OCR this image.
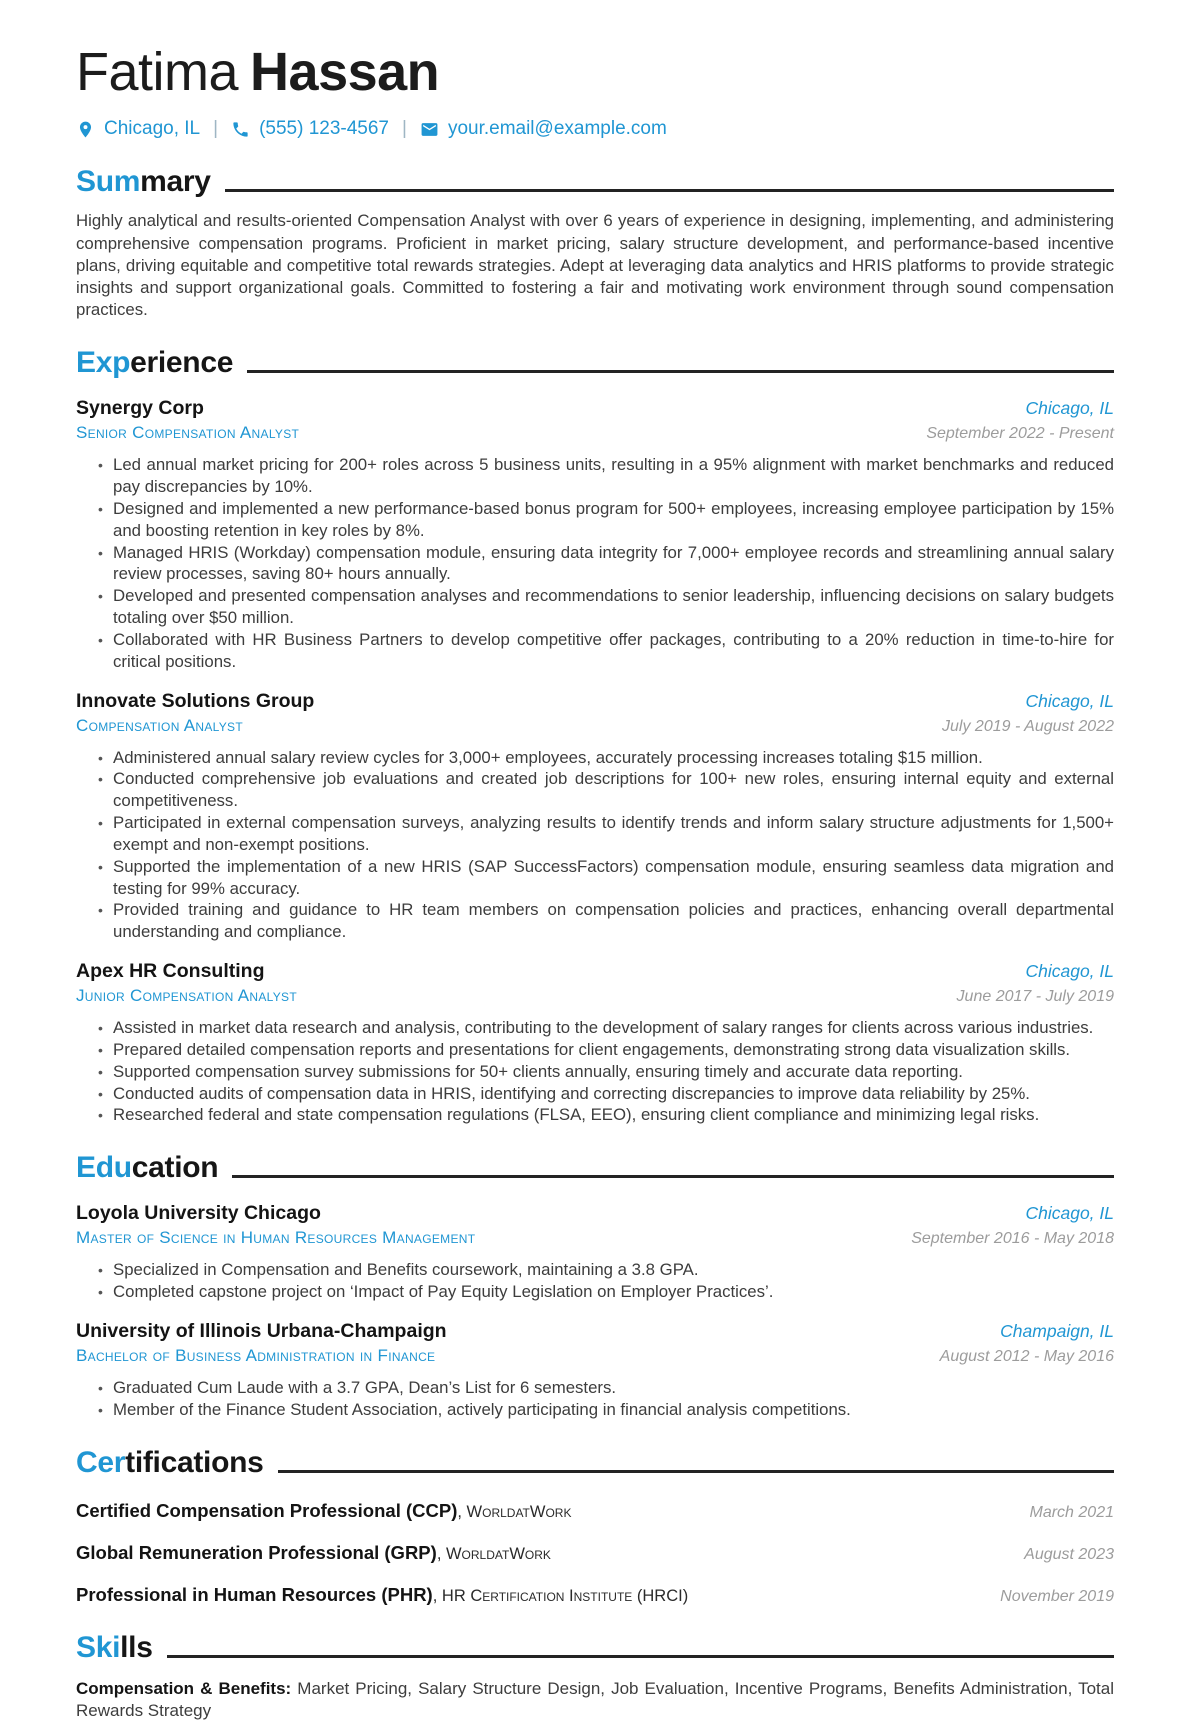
Fatima Hassan
Chicago, IL | (555) 123-4567 | your.email@example.com
Summary

Highly analytical and results-oriented Compensation Analyst with over 6 years of experience in designing, implementing, and administering comprehensive compensation programs. Proficient in market pricing, salary structure development, and performance-based incentive plans, driving equitable and competitive total rewards strategies. Adept at leveraging data analytics and HRIS platforms to provide strategic insights and support organizational goals. Committed to fostering a fair and motivating work environment through sound compensation practices.

Experience
Synergy Corp	Chicago, IL
Senior Compensation Analyst	September 2022 - Present
• Led annual market pricing for 200+ roles across 5 business units, resulting in a 95% alignment with market benchmarks and reduced pay discrepancies by 10%.
• Designed and implemented a new performance-based bonus program for 500+ employees, increasing employee participation by 15% and boosting retention in key roles by 8%.
• Managed HRIS (Workday) compensation module, ensuring data integrity for 7,000+ employee records and streamlining annual salary review processes, saving 80+ hours annually.
• Developed and presented compensation analyses and recommendations to senior leadership, influencing decisions on salary budgets totaling over $50 million.
• Collaborated with HR Business Partners to develop competitive offer packages, contributing to a 20% reduction in time-to-hire for critical positions.
Innovate Solutions Group	Chicago, IL
Compensation Analyst	July 2019 - August 2022
• Administered annual salary review cycles for 3,000+ employees, accurately processing increases totaling $15 million.
• Conducted comprehensive job evaluations and created job descriptions for 100+ new roles, ensuring internal equity and external competitiveness.
• Participated in external compensation surveys, analyzing results to identify trends and inform salary structure adjustments for 1,500+ exempt and non-exempt positions.
• Supported the implementation of a new HRIS (SAP SuccessFactors) compensation module, ensuring seamless data migration and testing for 99% accuracy.
• Provided training and guidance to HR team members on compensation policies and practices, enhancing overall departmental understanding and compliance.
Apex HR Consulting	Chicago, IL
Junior Compensation Analyst	June 2017 - July 2019
• Assisted in market data research and analysis, contributing to the development of salary ranges for clients across various industries.
• Prepared detailed compensation reports and presentations for client engagements, demonstrating strong data visualization skills.
• Supported compensation survey submissions for 50+ clients annually, ensuring timely and accurate data reporting.
• Conducted audits of compensation data in HRIS, identifying and correcting discrepancies to improve data reliability by 25%.
• Researched federal and state compensation regulations (FLSA, EEO), ensuring client compliance and minimizing legal risks.
Education
Loyola University Chicago	Chicago, IL
Master of Science in Human Resources Management	September 2016 - May 2018
• Specialized in Compensation and Benefits coursework, maintaining a 3.8 GPA.
• Completed capstone project on ‘Impact of Pay Equity Legislation on Employer Practices’.
University of Illinois Urbana-Champaign	Champaign, IL
Bachelor of Business Administration in Finance	August 2012 - May 2016
• Graduated Cum Laude with a 3.7 GPA, Dean’s List for 6 semesters.
• Member of the Finance Student Association, actively participating in financial analysis competitions.
Certifications
Certified Compensation Professional (CCP), WorldatWork	March 2021
Global Remuneration Professional (GRP), WorldatWork	August 2023
Professional in Human Resources (PHR), HR Certification Institute (HRCI)	November 2019
Skills

Compensation & Benefits: Market Pricing, Salary Structure Design, Job Evaluation, Incentive Programs, Benefits Administration, Total Rewards Strategy
